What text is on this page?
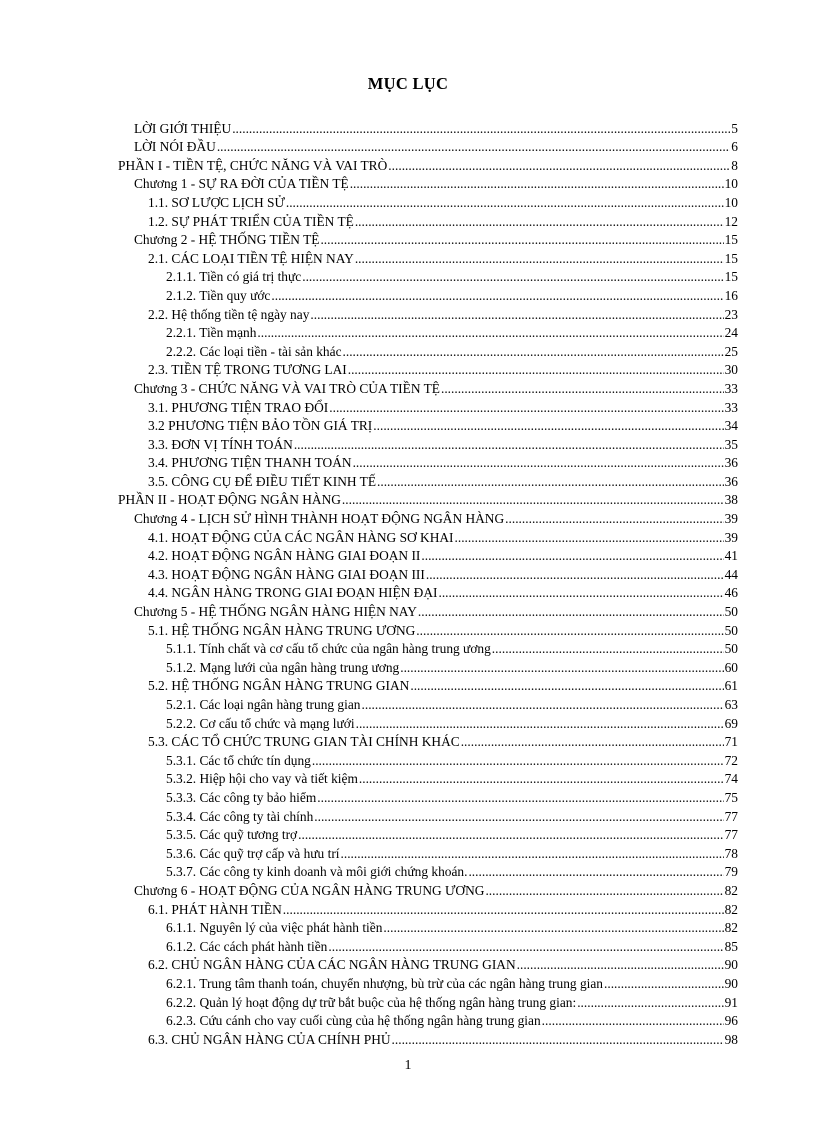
MỤC LỤC
LỜI GIỚI THIỆU .....	5
LỜI NÓI ĐẦU .....	6
PHẦN I - TIỀN TỆ, CHỨC NĂNG VÀ VAI TRÒ .....	8
Chương 1 - SỰ RA ĐỜI CỦA TIỀN TỆ .....	10
1.1. SƠ LƯỢC LỊCH SỬ .....	10
1.2. SỰ PHÁT TRIỂN CỦA TIỀN TỆ .....	12
Chương 2 - HỆ THỐNG TIỀN TỆ .....	15
2.1. CÁC LOẠI TIỀN TỆ HIỆN NAY .....	15
2.1.1. Tiền có giá trị thực .....	15
2.1.2. Tiền quy ước .....	16
2.2. Hệ thống tiền tệ ngày nay .....	23
2.2.1. Tiền mạnh .....	24
2.2.2. Các loại tiền - tài sản khác .....	25
2.3. TIỀN TỆ TRONG TƯƠNG LAI .....	30
Chương 3 - CHỨC NĂNG VÀ VAI TRÒ CỦA TIỀN TỆ .....	33
3.1. PHƯƠNG TIỆN TRAO ĐỔI .....	33
3.2 PHƯƠNG TIỆN BẢO TỒN GIÁ TRỊ .....	34
3.3. ĐƠN VỊ TÍNH TOÁN .....	35
3.4. PHƯƠNG TIỆN THANH TOÁN .....	36
3.5. CÔNG CỤ ĐỂ ĐIỀU TIẾT KINH TẾ .....	36
PHẦN II - HOẠT ĐỘNG NGÂN HÀNG .....	38
Chương 4 - LỊCH SỬ HÌNH THÀNH HOẠT ĐỘNG NGÂN HÀNG .....	39
4.1. HOẠT ĐỘNG CỦA CÁC NGÂN HÀNG SƠ KHAI .....	39
4.2. HOẠT ĐỘNG NGÂN HÀNG GIAI ĐOẠN II .....	41
4.3. HOẠT ĐỘNG NGÂN HÀNG GIAI ĐOẠN III .....	44
4.4. NGÂN HÀNG TRONG GIAI ĐOẠN HIỆN ĐẠI .....	46
Chương 5 - HỆ THỐNG NGÂN HÀNG HIỆN NAY .....	50
5.1. HỆ THỐNG NGÂN HÀNG TRUNG ƯƠNG .....	50
5.1.1. Tính chất và cơ cấu tổ chức của ngân hàng trung ương .....	50
5.1.2. Mạng lưới của ngân hàng trung ương .....	60
5.2. HỆ THỐNG NGÂN HÀNG TRUNG GIAN .....	61
5.2.1. Các loại ngân hàng trung gian .....	63
5.2.2. Cơ cấu tổ chức và mạng lưới .....	69
5.3. CÁC TỔ CHỨC TRUNG GIAN TÀI CHÍNH KHÁC .....	71
5.3.1. Các tổ chức tín dụng .....	72
5.3.2. Hiệp hội cho vay và tiết kiệm .....	74
5.3.3. Các công ty bảo hiểm .....	75
5.3.4. Các công ty tài chính .....	77
5.3.5. Các quỹ tương trợ .....	77
5.3.6. Các quỹ trợ cấp và hưu trí .....	78
5.3.7. Các công ty kinh doanh và môi giới chứng khoán. .....	79
Chương 6 - HOẠT ĐỘNG CỦA NGÂN HÀNG TRUNG ƯƠNG .....	82
6.1. PHÁT HÀNH TIỀN .....	82
6.1.1. Nguyên lý của việc phát hành tiền .....	82
6.1.2. Các cách phát hành tiền .....	85
6.2. CHỦ NGÂN HÀNG CỦA CÁC NGÂN HÀNG TRUNG GIAN .....	90
6.2.1. Trung tâm thanh toán, chuyển nhượng, bù trừ của các ngân hàng trung gian .....	90
6.2.2. Quản lý hoạt động dự trữ bắt buộc của hệ thống ngân hàng trung gian: .....	91
6.2.3. Cứu cánh cho vay cuối cùng của hệ thống ngân hàng trung gian .....	96
6.3. CHỦ NGÂN HÀNG CỦA CHÍNH PHỦ .....	98
1
